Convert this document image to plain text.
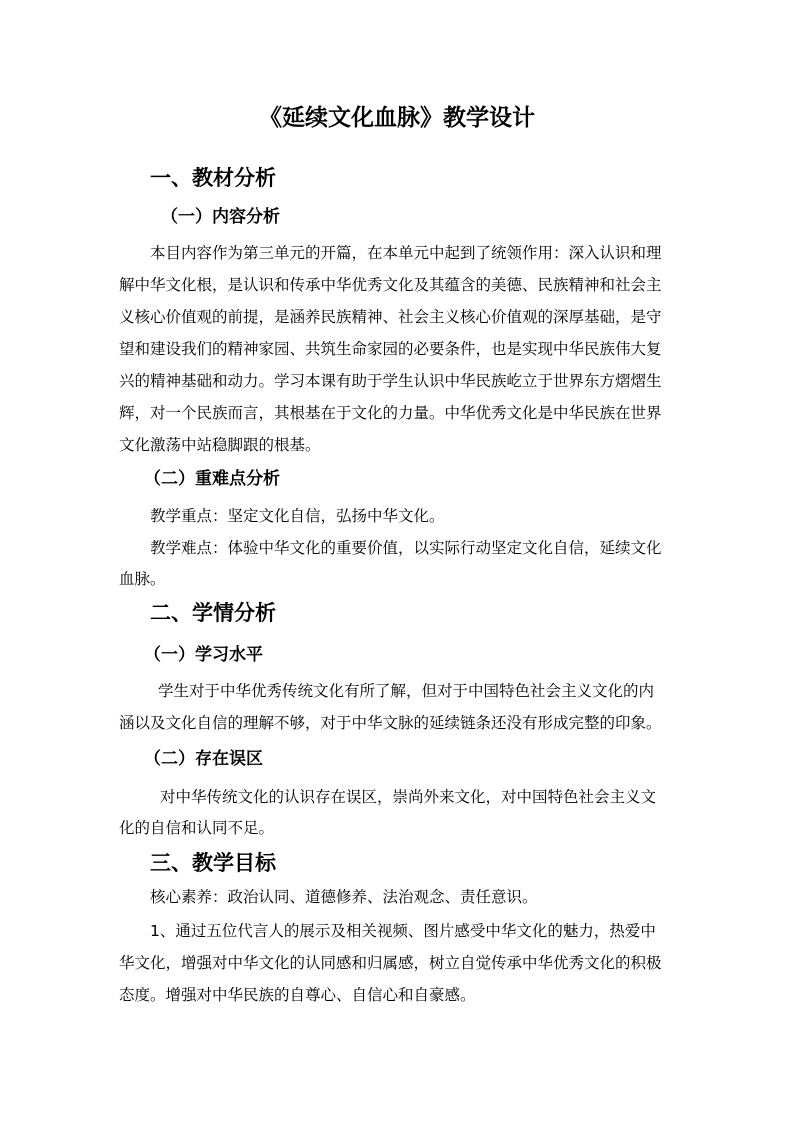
《延续文化血脉》教学设计
一、教材分析
（一）内容分析
本目内容作为第三单元的开篇，在本单元中起到了统领作用：深入认识和理
解中华文化根，是认识和传承中华优秀文化及其蕴含的美德、民族精神和社会主
义核心价值观的前提，是涵养民族精神、社会主义核心价值观的深厚基础，是守
望和建设我们的精神家园、共筑生命家园的必要条件，也是实现中华民族伟大复
兴的精神基础和动力。学习本课有助于学生认识中华民族屹立于世界东方熠熠生
辉，对一个民族而言，其根基在于文化的力量。中华优秀文化是中华民族在世界
文化激荡中站稳脚跟的根基。
（二）重难点分析
教学重点：坚定文化自信，弘扬中华文化。
教学难点：体验中华文化的重要价值，以实际行动坚定文化自信，延续文化
血脉。
二、学情分析
（一）学习水平
学生对于中华优秀传统文化有所了解，但对于中国特色社会主义文化的内
涵以及文化自信的理解不够，对于中华文脉的延续链条还没有形成完整的印象。
（二）存在误区
对中华传统文化的认识存在误区，崇尚外来文化，对中国特色社会主义文
化的自信和认同不足。
三、教学目标
核心素养：政治认同、道德修养、法治观念、责任意识。
1、通过五位代言人的展示及相关视频、图片感受中华文化的魅力，热爱中
华文化，增强对中华文化的认同感和归属感，树立自觉传承中华优秀文化的积极
态度。增强对中华民族的自尊心、自信心和自豪感。
